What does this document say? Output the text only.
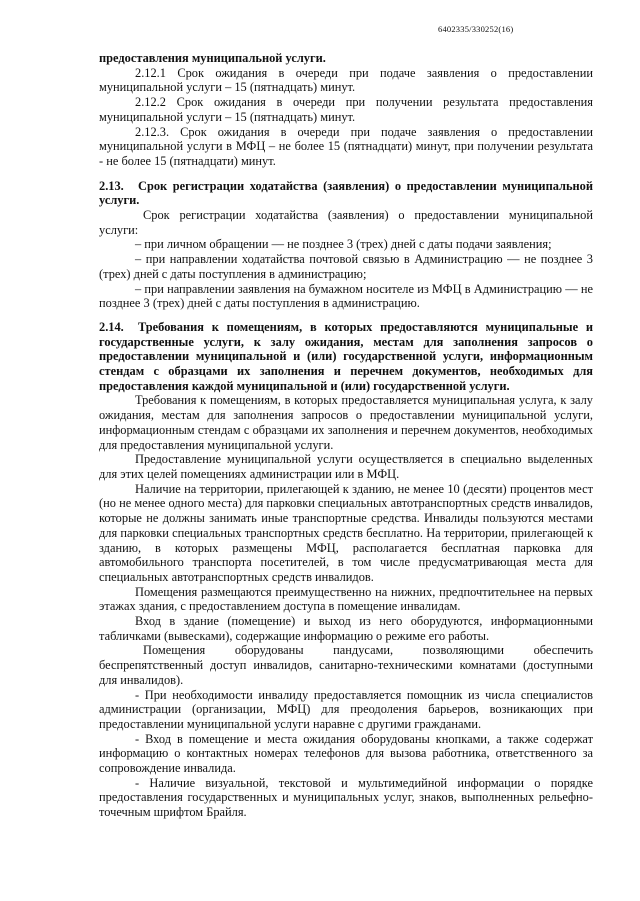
6402335/330252(16)

предоставления муниципальной услуги.

2.12.1 Срок ожидания в очереди при подаче заявления о предоставлении муниципальной услуги – 15 (пятнадцать) минут.

2.12.2 Срок ожидания в очереди при получении результата предоставления муниципальной услуги – 15 (пятнадцать) минут.

2.12.3. Срок ожидания в очереди при подаче заявления о предоставлении муниципальной услуги в МФЦ – не более 15 (пятнадцати) минут, при получении результата - не более 15 (пятнадцати) минут.

2.13. Срок регистрации ходатайства (заявления) о предоставлении муниципальной услуги.

Срок регистрации ходатайства (заявления) о предоставлении муниципальной услуги:

– при личном обращении — не позднее 3 (трех) дней с даты подачи заявления;

– при направлении ходатайства почтовой связью в Администрацию — не позднее 3 (трех) дней с даты поступления в администрацию;

– при направлении заявления на бумажном носителе из МФЦ в Администрацию — не позднее 3 (трех) дней с даты поступления в администрацию.

2.14. Требования к помещениям, в которых предоставляются муниципальные и государственные услуги, к залу ожидания, местам для заполнения запросов о предоставлении муниципальной и (или) государственной услуги, информационным стендам с образцами их заполнения и перечнем документов, необходимых для предоставления каждой муниципальной и (или) государственной услуги.

Требования к помещениям, в которых предоставляется муниципальная услуга, к залу ожидания, местам для заполнения запросов о предоставлении муниципальной услуги, информационным стендам с образцами их заполнения и перечнем документов, необходимых для предоставления муниципальной услуги.

Предоставление муниципальной услуги осуществляется в специально выделенных для этих целей помещениях администрации или в МФЦ.

Наличие на территории, прилегающей к зданию, не менее 10 (десяти) процентов мест (но не менее одного места) для парковки специальных автотранспортных средств инвалидов, которые не должны занимать иные транспортные средства. Инвалиды пользуются местами для парковки специальных транспортных средств бесплатно. На территории, прилегающей к зданию, в которых размещены МФЦ, располагается бесплатная парковка для автомобильного транспорта посетителей, в том числе предусматривающая места для специальных автотранспортных средств инвалидов.

Помещения размещаются преимущественно на нижних, предпочтительнее на первых этажах здания, с предоставлением доступа в помещение инвалидам.

Вход в здание (помещение) и выход из него оборудуются, информационными табличками (вывесками), содержащие информацию о режиме его работы.

Помещения оборудованы пандусами, позволяющими обеспечить беспрепятственный доступ инвалидов, санитарно-техническими комнатами (доступными для инвалидов).

- При необходимости инвалиду предоставляется помощник из числа специалистов администрации (организации, МФЦ) для преодоления барьеров, возникающих при предоставлении муниципальной услуги наравне с другими гражданами.

- Вход в помещение и места ожидания оборудованы кнопками, а также содержат информацию о контактных номерах телефонов для вызова работника, ответственного за сопровождение инвалида.

- Наличие визуальной, текстовой и мультимедийной информации о порядке предоставления государственных и муниципальных услуг, знаков, выполненных рельефно-точечным шрифтом Брайля.
